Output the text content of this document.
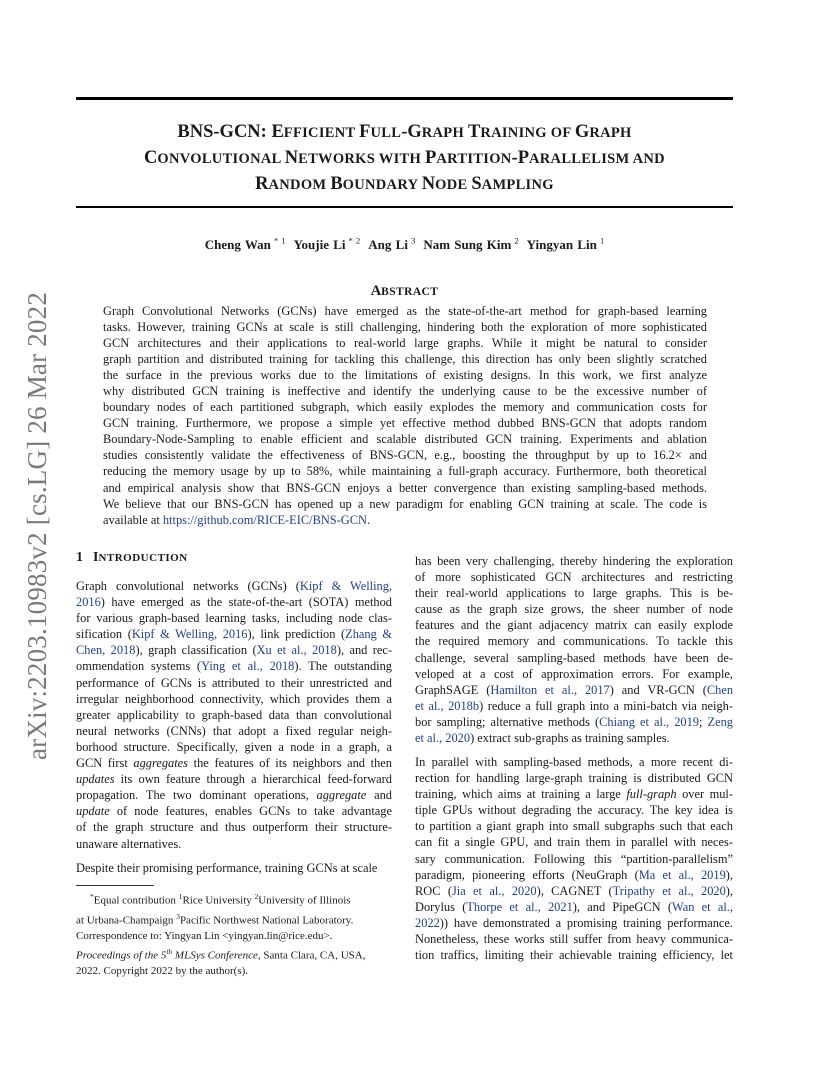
arXiv:2203.10983v2 [cs.LG] 26 Mar 2022
BNS-GCN: EFFICIENT FULL-GRAPH TRAINING OF GRAPH
CONVOLUTIONAL NETWORKS WITH PARTITION-PARALLELISM AND
RANDOM BOUNDARY NODE SAMPLING
Cheng Wan $^{* 1}$ Youjie Li $^{* 2}$ Ang Li $^3$ Nam Sung Kim $^2$ Yingyan Lin $^1$
ABSTRACT
Graph Convolutional Networks (GCNs) have emerged as the state-of-the-art method for graph-based learning
tasks. However, training GCNs at scale is still challenging, hindering both the exploration of more sophisticated
GCN architectures and their applications to real-world large graphs. While it might be natural to consider
graph partition and distributed training for tackling this challenge, this direction has only been slightly scratched
the surface in the previous works due to the limitations of existing designs. In this work, we first analyze
why distributed GCN training is ineffective and identify the underlying cause to be the excessive number of
boundary nodes of each partitioned subgraph, which easily explodes the memory and communication costs for
GCN training. Furthermore, we propose a simple yet effective method dubbed BNS-GCN that adopts random
Boundary-Node-Sampling to enable efficient and scalable distributed GCN training. Experiments and ablation
studies consistently validate the effectiveness of BNS-GCN, e.g., boosting the throughput by up to 16.2× and
reducing the memory usage by up to 58%, while maintaining a full-graph accuracy. Furthermore, both theoretical
and empirical analysis show that BNS-GCN enjoys a better convergence than existing sampling-based methods.
We believe that our BNS-GCN has opened up a new paradigm for enabling GCN training at scale. The code is
available at https://github.com/RICE-EIC/BNS-GCN.
1 INTRODUCTION
Graph convolutional networks (GCNs) (Kipf & Welling,
2016) have emerged as the state-of-the-art (SOTA) method
for various graph-based learning tasks, including node clas-
sification (Kipf & Welling, 2016), link prediction (Zhang &
Chen, 2018), graph classification (Xu et al., 2018), and rec-
ommendation systems (Ying et al., 2018). The outstanding
performance of GCNs is attributed to their unrestricted and
irregular neighborhood connectivity, which provides them a
greater applicability to graph-based data than convolutional
neural networks (CNNs) that adopt a fixed regular neigh-
borhood structure. Specifically, given a node in a graph, a
GCN first aggregates the features of its neighbors and then
updates its own feature through a hierarchical feed-forward
propagation. The two dominant operations, aggregate and
update of node features, enables GCNs to take advantage
of the graph structure and thus outperform their structure-
unaware alternatives.
Despite their promising performance, training GCNs at scale
*Equal contribution $^1$Rice University $^2$University of Illinois
at Urbana-Champaign $^3$Pacific Northwest National Laboratory.
Correspondence to: Yingyan Lin <yingyan.lin@rice.edu>.
Proceedings of the 5th MLSys Conference, Santa Clara, CA, USA,
2022. Copyright 2022 by the author(s).
has been very challenging, thereby hindering the exploration
of more sophisticated GCN architectures and restricting
their real-world applications to large graphs. This is be-
cause as the graph size grows, the sheer number of node
features and the giant adjacency matrix can easily explode
the required memory and communications. To tackle this
challenge, several sampling-based methods have been de-
veloped at a cost of approximation errors. For example,
GraphSAGE (Hamilton et al., 2017) and VR-GCN (Chen
et al., 2018b) reduce a full graph into a mini-batch via neigh-
bor sampling; alternative methods (Chiang et al., 2019; Zeng
et al., 2020) extract sub-graphs as training samples.
In parallel with sampling-based methods, a more recent di-
rection for handling large-graph training is distributed GCN
training, which aims at training a large full-graph over mul-
tiple GPUs without degrading the accuracy. The key idea is
to partition a giant graph into small subgraphs such that each
can fit a single GPU, and train them in parallel with neces-
sary communication. Following this “partition-parallelism”
paradigm, pioneering efforts (NeuGraph (Ma et al., 2019),
ROC (Jia et al., 2020), CAGNET (Tripathy et al., 2020),
Dorylus (Thorpe et al., 2021), and PipeGCN (Wan et al.,
2022)) have demonstrated a promising training performance.
Nonetheless, these works still suffer from heavy communica-
tion traffics, limiting their achievable training efficiency, let
